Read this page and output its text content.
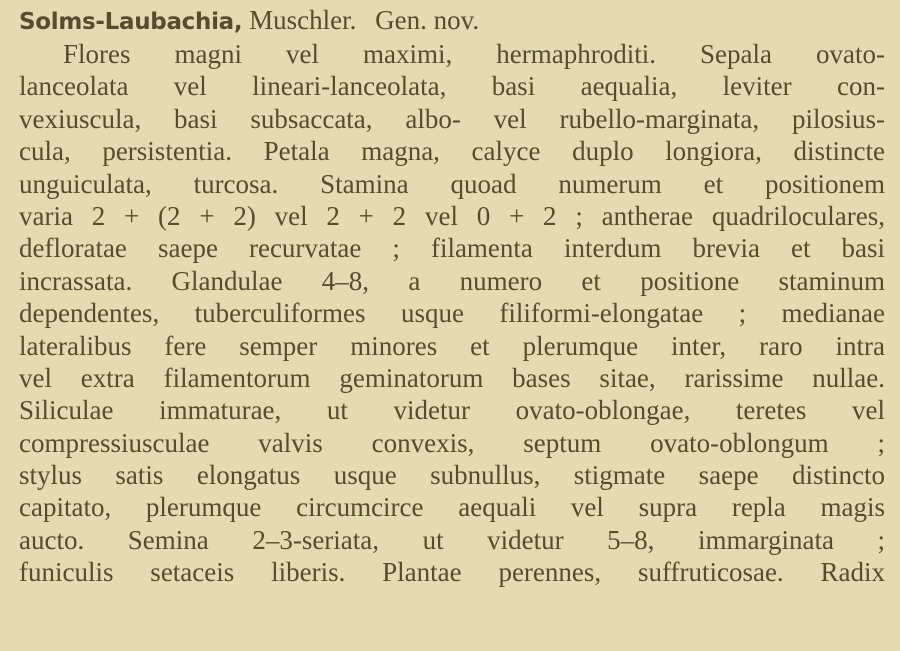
Solms-Laubachia, Muschler. Gen. nov.
Flores magni vel maximi, hermaphroditi. Sepala ovato-
lanceolata vel lineari-lanceolata, basi aequalia, leviter con-
vexiuscula, basi subsaccata, albo- vel rubello-marginata, pilosius-
cula, persistentia. Petala magna, calyce duplo longiora, distincte
unguiculata, turcosa. Stamina quoad numerum et positionem
varia 2 + (2 + 2) vel 2 + 2 vel 0 + 2 ; antherae quadriloculares,
defloratae saepe recurvatae ; filamenta interdum brevia et basi
incrassata. Glandulae 4–8, a numero et positione staminum
dependentes, tuberculiformes usque filiformi-elongatae ; medianae
lateralibus fere semper minores et plerumque inter, raro intra
vel extra filamentorum geminatorum bases sitae, rarissime nullae.
Siliculae immaturae, ut videtur ovato-oblongae, teretes vel
compressiusculae valvis convexis, septum ovato-oblongum ;
stylus satis elongatus usque subnullus, stigmate saepe distincto
capitato, plerumque circumcirce aequali vel supra repla magis
aucto. Semina 2–3-seriata, ut videtur 5–8, immarginata ;
funiculis setaceis liberis. Plantae perennes, suffruticosae. Radix
